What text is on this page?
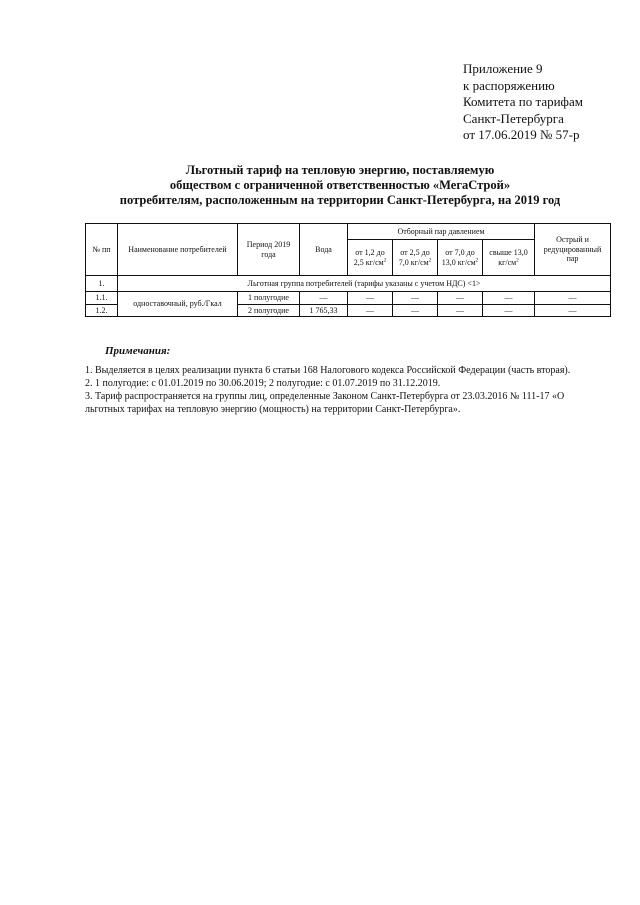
Приложение 9
к распоряжению
Комитета по тарифам
Санкт-Петербурга
от 17.06.2019 № 57-р
Льготный тариф на тепловую энергию, поставляемую
обществом с ограниченной ответственностью «МегаСтрой»
потребителям, расположенным на территории Санкт-Петербурга, на 2019 год
№ пп	Наименование потребителей	Период 2019 года	Вода	Отборный пар давлением				Острый и редуцированный пар
				от 1,2 до 2,5 $кг/см^2$	от 2,5 до 7,0 $кг/см^2$	от 7,0 до 13,0 $кг/см^2$	свыше 13,0 $кг/см^2$
1.	Льготная группа потребителей (тарифы указаны с учетом НДС) <1>							
1.1.	одноставочный, руб./Гкал	1 полугодие	—	—	—	—	—	—
1.2.		2 полугодие	1 765,33	—	—	—	—	—
Примечания:
1. Выделяется в целях реализации пункта 6 статьи 168 Налогового кодекса Российской Федерации (часть вторая).
2. 1 полугодие: с 01.01.2019 по 30.06.2019; 2 полугодие: с 01.07.2019 по 31.12.2019.
3. Тариф распространяется на группы лиц, определенные Законом Санкт-Петербурга от 23.03.2016 № 111-17 «О льготных тарифах на тепловую энергию (мощность) на территории Санкт-Петербурга».
